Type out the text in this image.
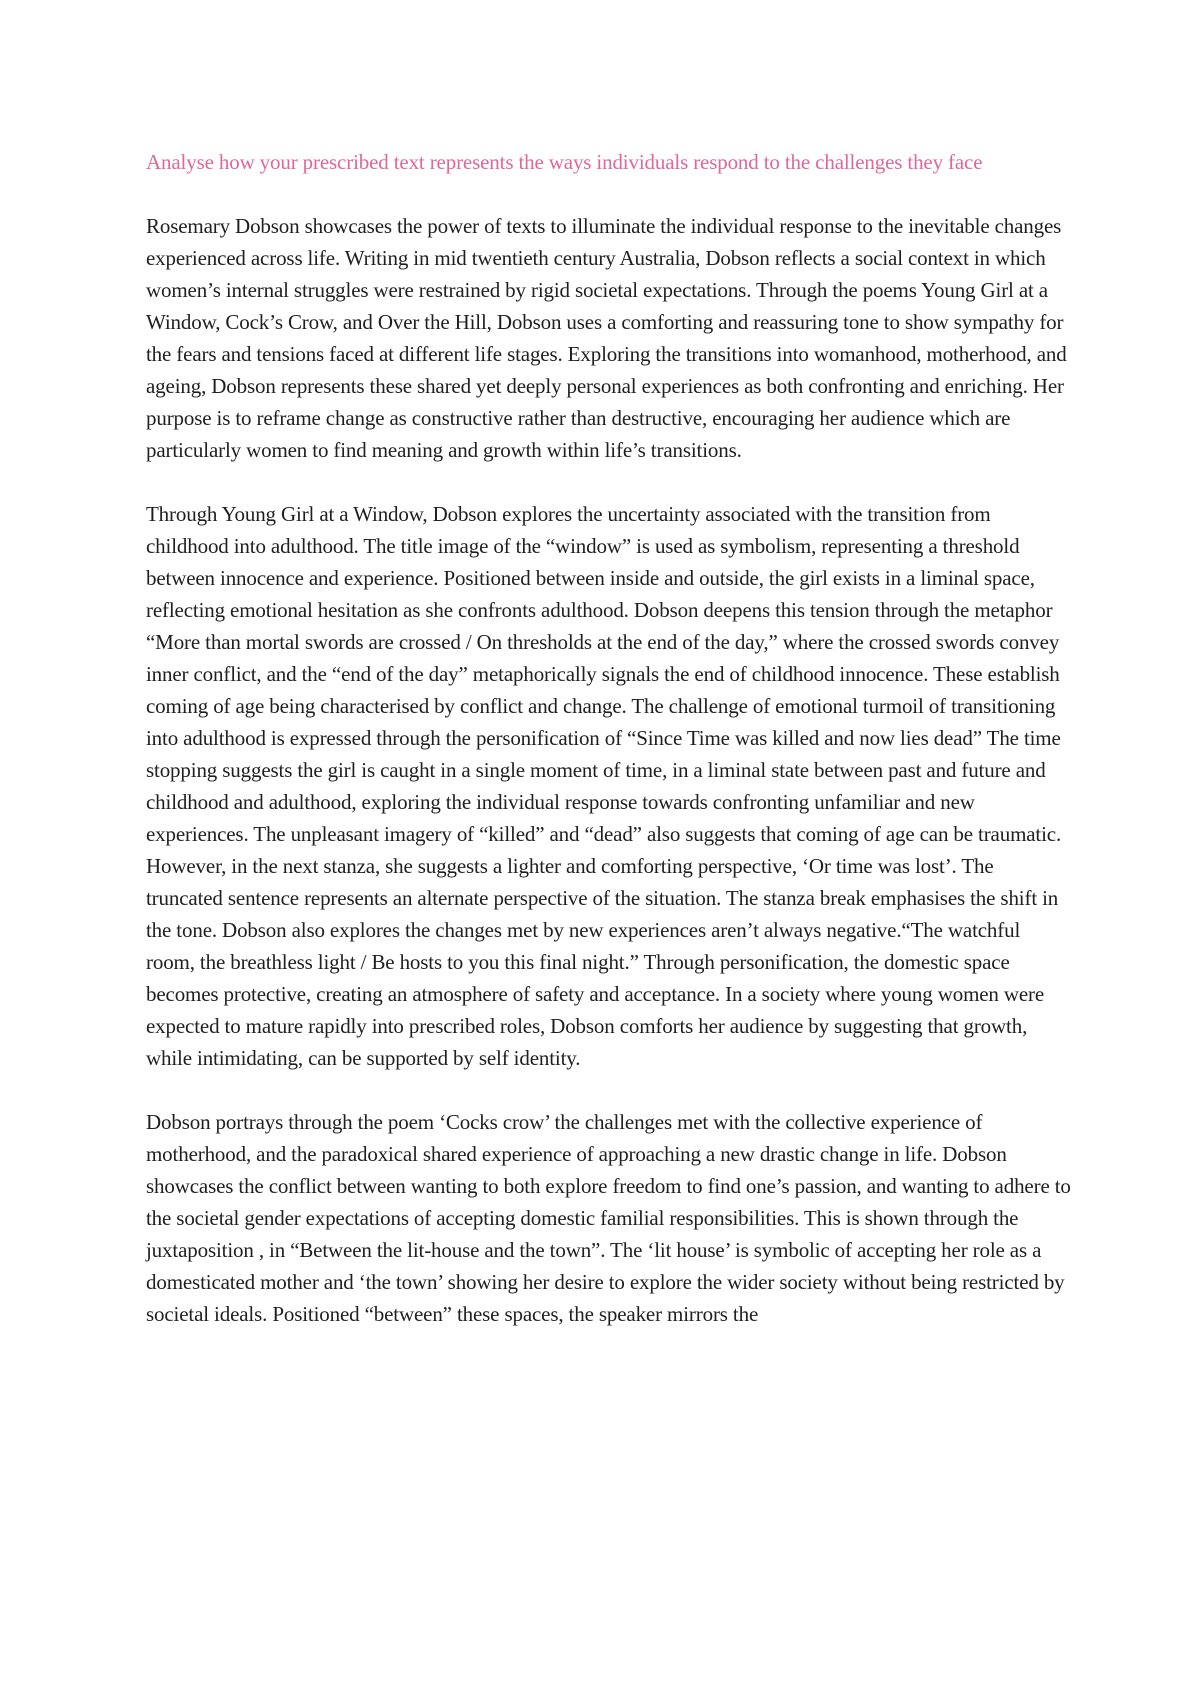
Analyse how your prescribed text represents the ways individuals respond to the challenges they face

Rosemary Dobson showcases the power of texts to illuminate the individual response to the inevitable changes experienced across life. Writing in mid twentieth century Australia, Dobson reflects a social context in which women’s internal struggles were restrained by rigid societal expectations. Through the poems Young Girl at a Window, Cock’s Crow, and Over the Hill, Dobson uses a comforting and reassuring tone to show sympathy for the fears and tensions faced at different life stages. Exploring the transitions into womanhood, motherhood, and ageing, Dobson represents these shared yet deeply personal experiences as both confronting and enriching. Her purpose is to reframe change as constructive rather than destructive, encouraging her audience which are particularly women to find meaning and growth within life’s transitions.

Through Young Girl at a Window, Dobson explores the uncertainty associated with the transition from childhood into adulthood. The title image of the “window” is used as symbolism, representing a threshold between innocence and experience. Positioned between inside and outside, the girl exists in a liminal space, reflecting emotional hesitation as she confronts adulthood. Dobson deepens this tension through the metaphor “More than mortal swords are crossed / On thresholds at the end of the day,” where the crossed swords convey inner conflict, and the “end of the day” metaphorically signals the end of childhood innocence. These establish coming of age being characterised by conflict and change. The challenge of emotional turmoil of transitioning into adulthood is expressed through the personification of “Since Time was killed and now lies dead” The time stopping suggests the girl is caught in a single moment of time, in a liminal state between past and future and childhood and adulthood, exploring the individual response towards confronting unfamiliar and new experiences. The unpleasant imagery of “killed” and “dead” also suggests that coming of age can be traumatic. However, in the next stanza, she suggests a lighter and comforting perspective, ‘Or time was lost’. The truncated sentence represents an alternate perspective of the situation. The stanza break emphasises the shift in the tone. Dobson also explores the changes met by new experiences aren’t always negative.“The watchful room, the breathless light / Be hosts to you this final night.” Through personification, the domestic space becomes protective, creating an atmosphere of safety and acceptance. In a society where young women were expected to mature rapidly into prescribed roles, Dobson comforts her audience by suggesting that growth, while intimidating, can be supported by self identity.

Dobson portrays through the poem ‘Cocks crow’ the challenges met with the collective experience of motherhood, and the paradoxical shared experience of approaching a new drastic change in life. Dobson showcases the conflict between wanting to both explore freedom to find one’s passion, and wanting to adhere to the societal gender expectations of accepting domestic familial responsibilities. This is shown through the juxtaposition , in “Between the lit-house and the town”. The ‘lit house’ is symbolic of accepting her role as a domesticated mother and ‘the town’ showing her desire to explore the wider society without being restricted by societal ideals. Positioned “between” these spaces, the speaker mirrors the
